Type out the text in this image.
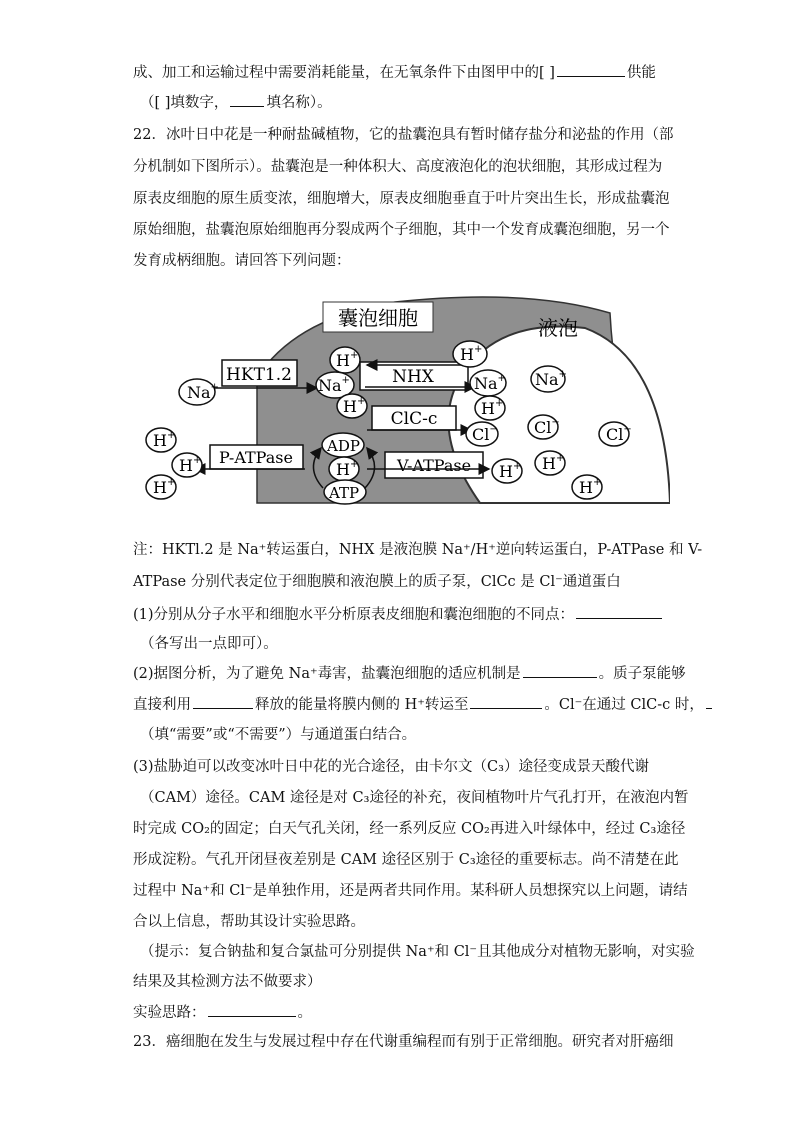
成、加工和运输过程中需要消耗能量，在无氧条件下由图甲中的[ ]	供能
（[ ]填数字，	填名称）。
22．冰叶日中花是一种耐盐碱植物，它的盐囊泡具有暂时储存盐分和泌盐的作用（部
分机制如下图所示）。盐囊泡是一种体积大、高度液泡化的泡状细胞，其形成过程为
原表皮细胞的原生质变浓，细胞增大，原表皮细胞垂直于叶片突出生长，形成盐囊泡
原始细胞，盐囊泡原始细胞再分裂成两个子细胞，其中一个发育成囊泡细胞，另一个
发育成柄细胞。请回答下列问题：
囊泡细胞	液泡
HKT1.2
Na+
H+
Na+
H+
NHX
ClC-c
H+
Na+
H+
Cl−
Na+
Cl−
Cl−
H+
H+
H+
ADP
H+
ATP
P-ATPase
H+
H+
H+
V-ATPase
注：HKTl.2 是 Na⁺转运蛋白，NHX 是液泡膜 Na⁺/H⁺逆向转运蛋白，P-ATPase 和 V-
ATPase 分别代表定位于细胞膜和液泡膜上的质子泵，ClCc 是 Cl⁻通道蛋白
(1)分别从分子水平和细胞水平分析原表皮细胞和囊泡细胞的不同点：
（各写出一点即可）。
(2)据图分析，为了避免 Na⁺毒害，盐囊泡细胞的适应机制是	。质子泵能够
直接利用	释放的能量将膜内侧的 H⁺转运至	。Cl⁻在通过 ClC-c 时，
（填“需要”或“不需要”）与通道蛋白结合。
(3)盐胁迫可以改变冰叶日中花的光合途径，由卡尔文（C₃）途径变成景天酸代谢
（CAM）途径。CAM 途径是对 C₃途径的补充，夜间植物叶片气孔打开，在液泡内暂
时完成 CO₂的固定；白天气孔关闭，经一系列反应 CO₂再进入叶绿体中，经过 C₃途径
形成淀粉。气孔开闭昼夜差别是 CAM 途径区别于 C₃途径的重要标志。尚不清楚在此
过程中 Na⁺和 Cl⁻是单独作用，还是两者共同作用。某科研人员想探究以上问题，请结
合以上信息，帮助其设计实验思路。
（提示：复合钠盐和复合氯盐可分别提供 Na⁺和 Cl⁻且其他成分对植物无影响，对实验
结果及其检测方法不做要求）
实验思路：	。
23．癌细胞在发生与发展过程中存在代谢重编程而有别于正常细胞。研究者对肝癌细
